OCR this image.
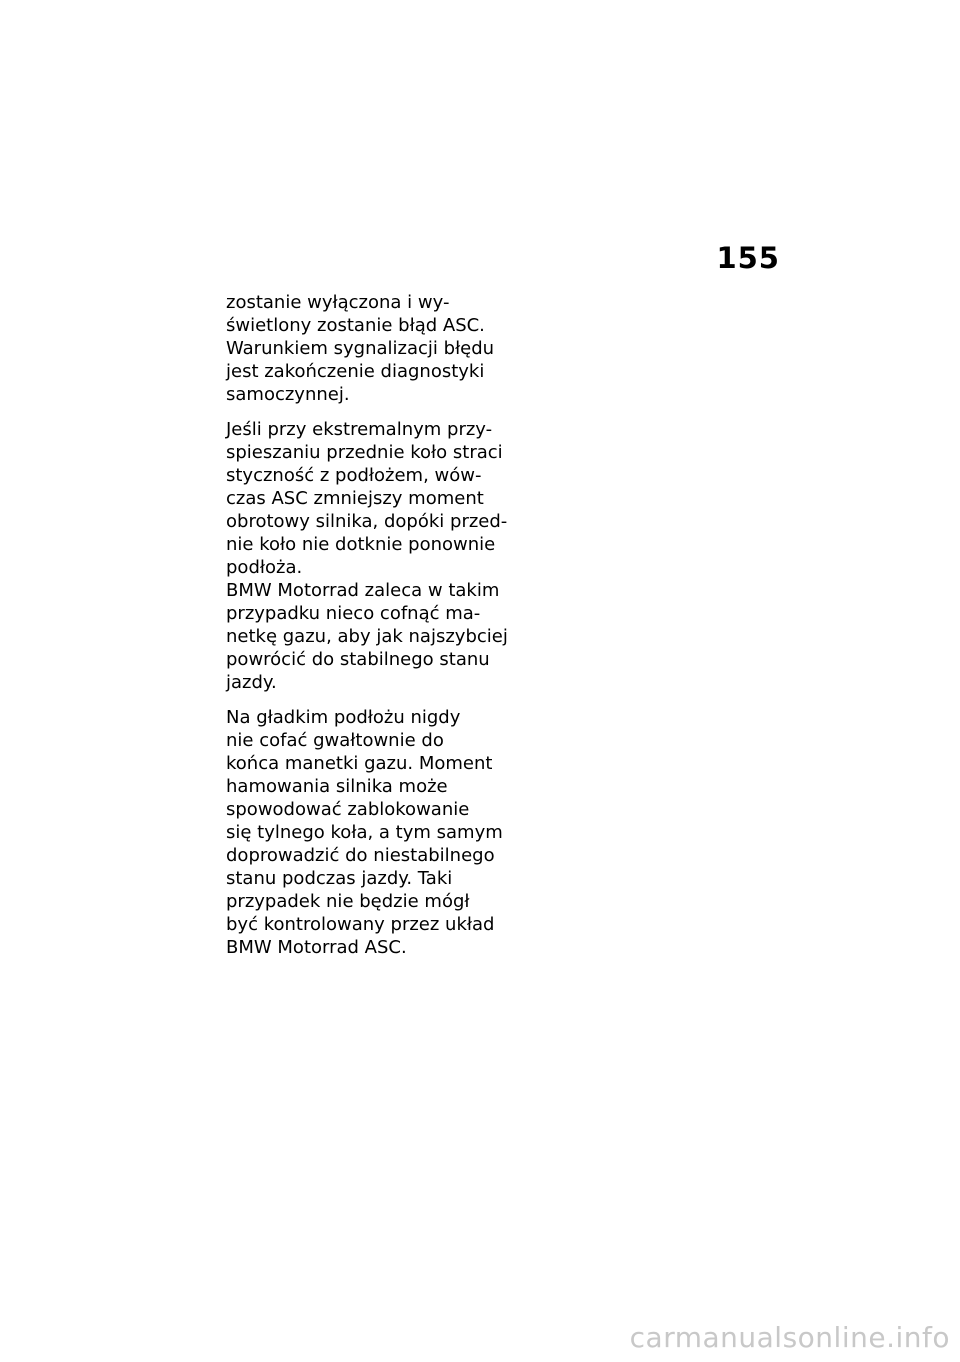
155

zostanie wyłączona i wy-
świetlony zostanie błąd ASC.
Warunkiem sygnalizacji błędu
jest zakończenie diagnostyki
samoczynnej.

Jeśli przy ekstremalnym przy-
spieszaniu przednie koło straci
styczność z podłożem, wów-
czas ASC zmniejszy moment
obrotowy silnika, dopóki przed-
nie koło nie dotknie ponownie
podłoża.

BMW Motorrad zaleca w takim
przypadku nieco cofnąć ma-
netkę gazu, aby jak najszybciej
powrócić do stabilnego stanu
jazdy.

Na gładkim podłożu nigdy
nie cofać gwałtownie do
końca manetki gazu. Moment
hamowania silnika może
spowodować zablokowanie
się tylnego koła, a tym samym
doprowadzić do niestabilnego
stanu podczas jazdy. Taki
przypadek nie będzie mógł
być kontrolowany przez układ
BMW Motorrad ASC.

carmanualsonline.info
